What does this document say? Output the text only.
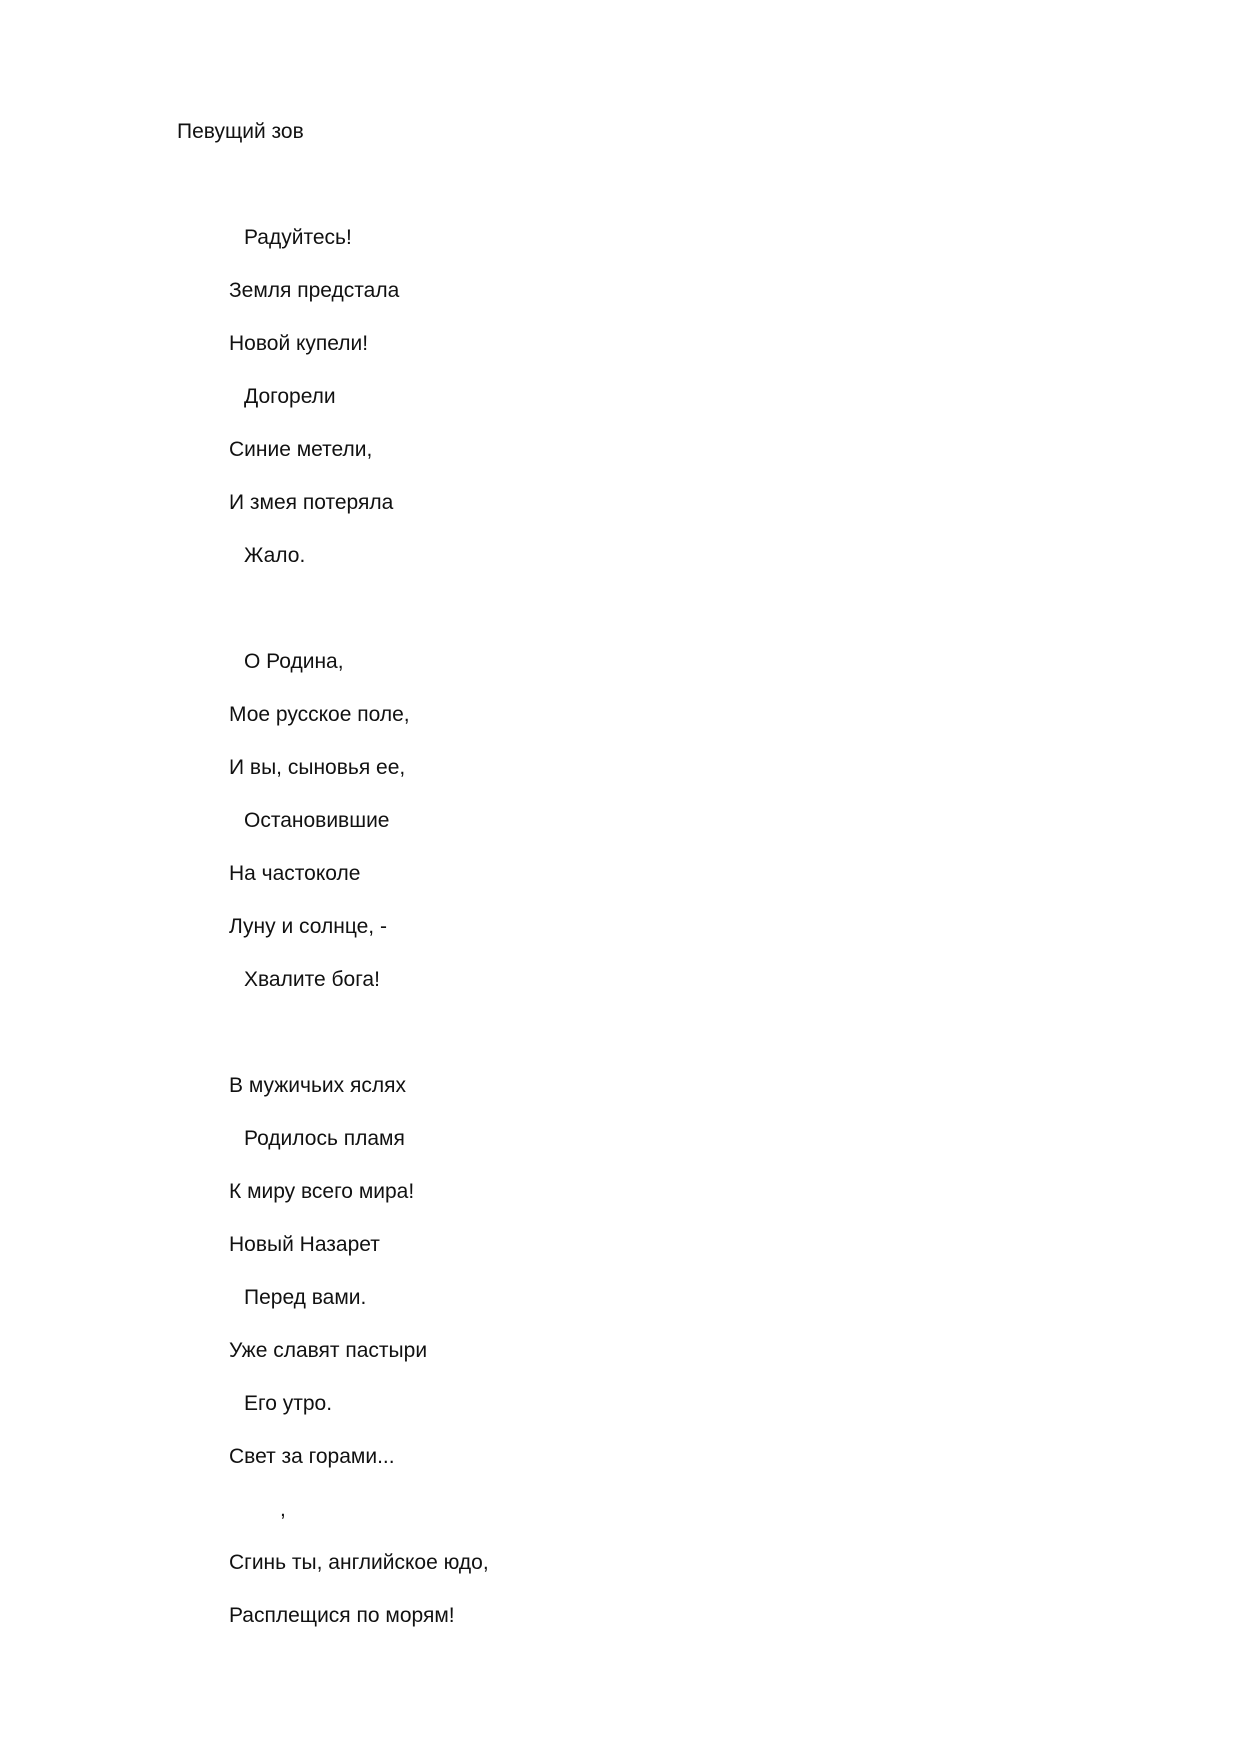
Певущий зов
Радуйтесь!
Земля предстала
Новой купели!
Догорели
Синие метели,
И змея потеряла
Жало.
О Родина,
Мое русское поле,
И вы, сыновья ее,
Остановившие
На частоколе
Луну и солнце, -
Хвалите бога!
В мужичьих яслях
Родилось пламя
К миру всего мира!
Новый Назарет
Перед вами.
Уже славят пастыри
Его утро.
Свет за горами...
,
Сгинь ты, английское юдо,
Расплещися по морям!
